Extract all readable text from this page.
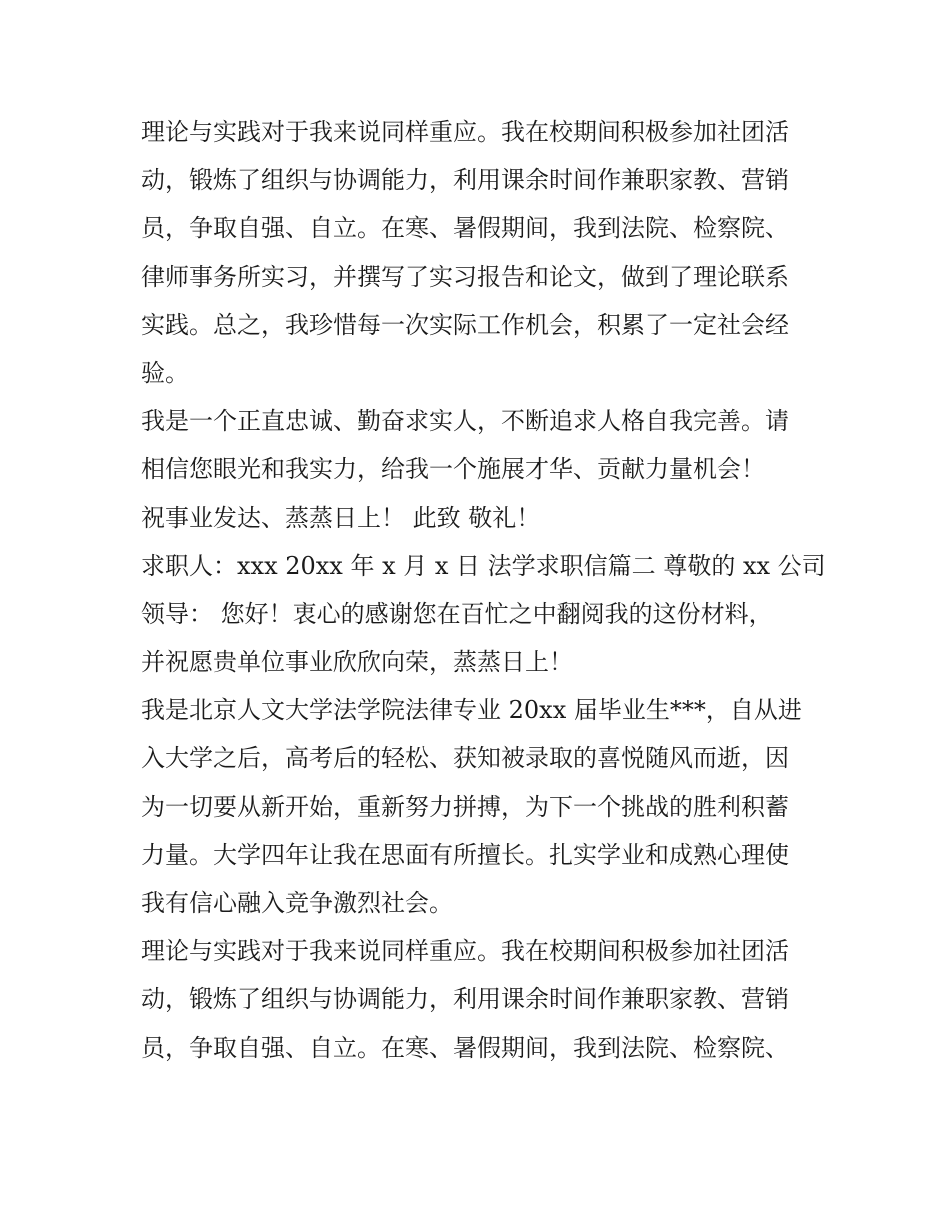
理论与实践对于我来说同样重应。我在校期间积极参加社团活
动，锻炼了组织与协调能力，利用课余时间作兼职家教、营销
员，争取自强、自立。在寒、暑假期间，我到法院、检察院、
律师事务所实习，并撰写了实习报告和论文，做到了理论联系
实践。总之，我珍惜每一次实际工作机会，积累了一定社会经
验。
我是一个正直忠诚、勤奋求实人，不断追求人格自我完善。请
相信您眼光和我实力，给我一个施展才华、贡献力量机会！
祝事业发达、蒸蒸日上！ 此致 敬礼！
求职人：xxx 20xx 年 x 月 x 日 法学求职信篇二 尊敬的 xx 公司
领导： 您好！衷心的感谢您在百忙之中翻阅我的这份材料，
并祝愿贵单位事业欣欣向荣，蒸蒸日上！
我是北京人文大学法学院法律专业 20xx 届毕业生***，自从进
入大学之后，高考后的轻松、获知被录取的喜悦随风而逝，因
为一切要从新开始，重新努力拼搏，为下一个挑战的胜利积蓄
力量。大学四年让我在思面有所擅长。扎实学业和成熟心理使
我有信心融入竞争激烈社会。
理论与实践对于我来说同样重应。我在校期间积极参加社团活
动，锻炼了组织与协调能力，利用课余时间作兼职家教、营销
员，争取自强、自立。在寒、暑假期间，我到法院、检察院、
